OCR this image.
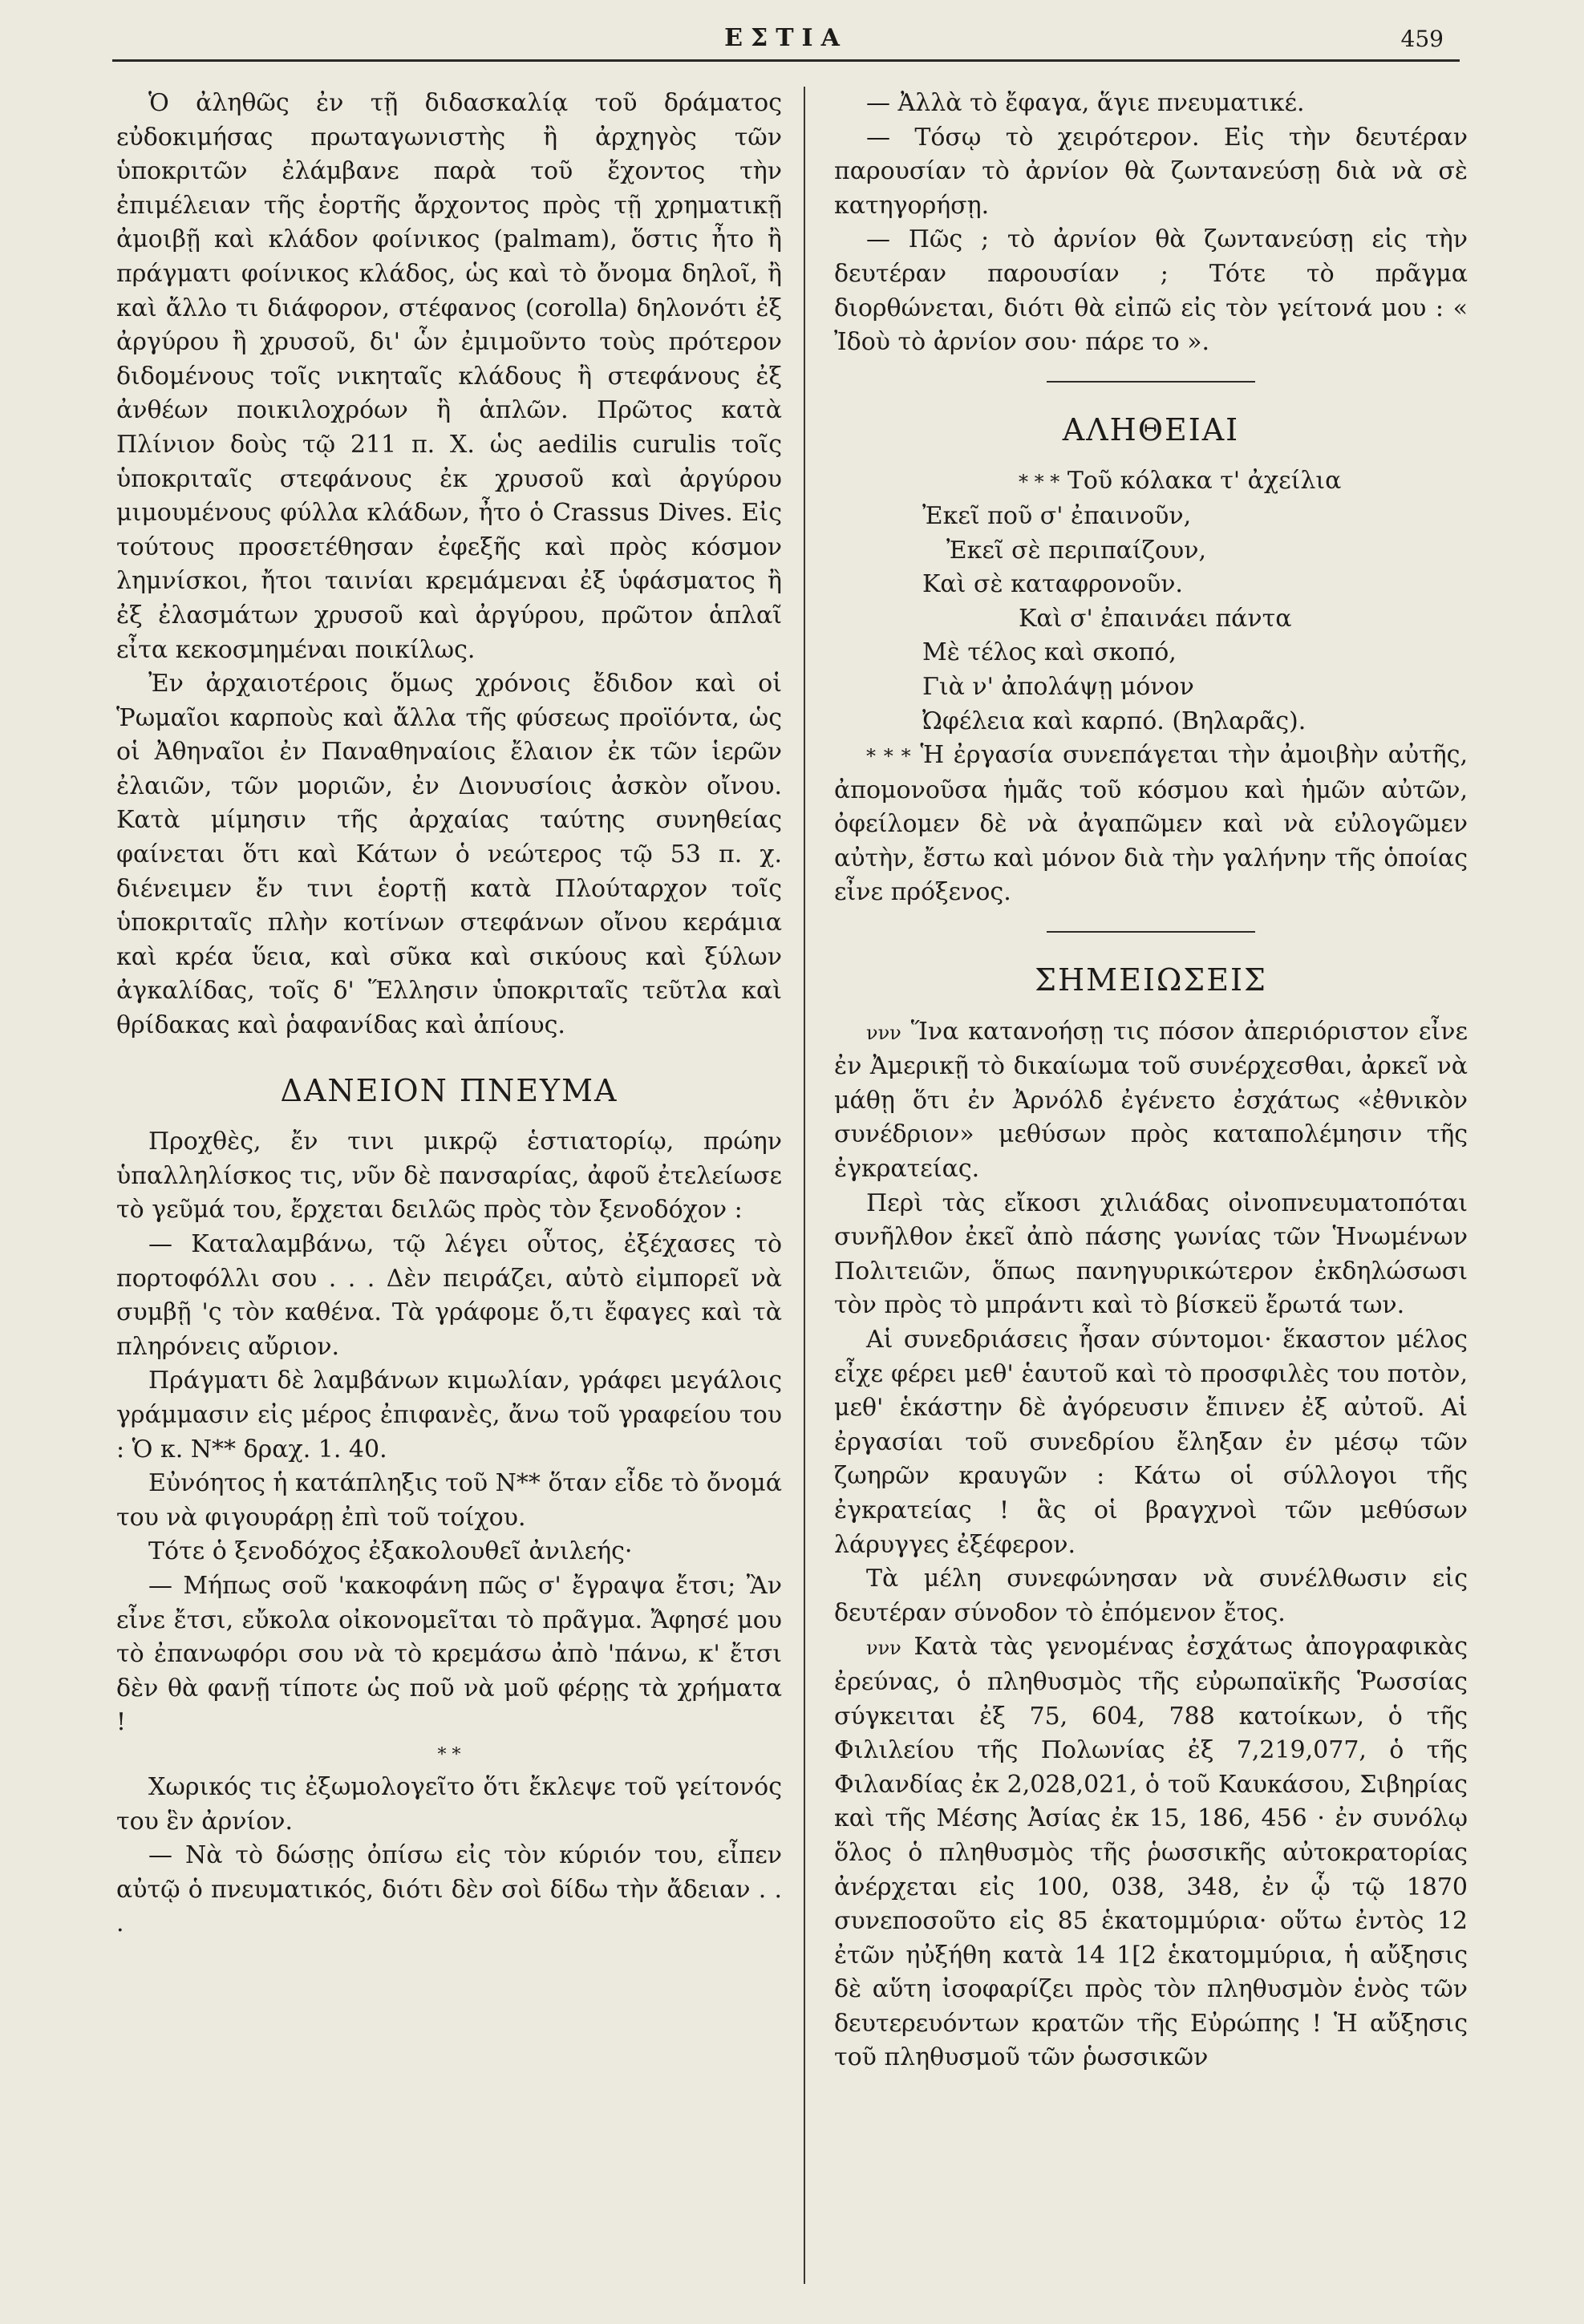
ΕΣΤΙΑ	459

Ὁ ἀληθῶς ἐν τῇ διδασκαλίᾳ τοῦ δράματος εὐδοκιμήσας πρωταγωνιστὴς ἢ ἀρχηγὸς τῶν ὑποκριτῶν ἐλάμβανε παρὰ τοῦ ἔχοντος τὴν ἐπιμέλειαν τῆς ἑορτῆς ἄρχοντος πρὸς τῇ χρηματικῇ ἀμοιβῇ καὶ κλάδον φοίνικος (palmam), ὅστις ἦτο ἢ πράγματι φοίνικος κλάδος, ὡς καὶ τὸ ὄνομα δηλοῖ, ἢ καὶ ἄλλο τι διάφορον, στέφανος (corolla) δηλονότι ἐξ ἀργύρου ἢ χρυσοῦ, δι' ὧν ἐμιμοῦντο τοὺς πρότερον διδομένους τοῖς νικηταῖς κλάδους ἢ στεφάνους ἐξ ἀνθέων ποικιλοχρόων ἢ ἁπλῶν. Πρῶτος κατὰ Πλίνιον δοὺς τῷ 211 π. Χ. ὡς aedilis curulis τοῖς ὑποκριταῖς στεφάνους ἐκ χρυσοῦ καὶ ἀργύρου μιμουμένους φύλλα κλάδων, ἦτο ὁ Crassus Dives. Εἰς τούτους προσετέθησαν ἐφεξῆς καὶ πρὸς κόσμον λημνίσκοι, ἤτοι ταινίαι κρεμάμεναι ἐξ ὑφάσματος ἢ ἐξ ἐλασμάτων χρυσοῦ καὶ ἀργύρου, πρῶτον ἁπλαῖ εἶτα κεκοσμημέναι ποικίλως.

Ἐν ἀρχαιοτέροις ὅμως χρόνοις ἔδιδον καὶ οἱ Ῥωμαῖοι καρποὺς καὶ ἄλλα τῆς φύσεως προϊόντα, ὡς οἱ Ἀθηναῖοι ἐν Παναθηναίοις ἔλαιον ἐκ τῶν ἱερῶν ἐλαιῶν, τῶν μοριῶν, ἐν Διονυσίοις ἀσκὸν οἴνου. Κατὰ μίμησιν τῆς ἀρχαίας ταύτης συνηθείας φαίνεται ὅτι καὶ Κάτων ὁ νεώτερος τῷ 53 π. χ. διένειμεν ἔν τινι ἑορτῇ κατὰ Πλούταρχον τοῖς ὑποκριταῖς πλὴν κοτίνων στεφάνων οἴνου κεράμια καὶ κρέα ὕεια, καὶ σῦκα καὶ σικύους καὶ ξύλων ἀγκαλίδας, τοῖς δ' Ἕλλησιν ὑποκριταῖς τεῦτλα καὶ θρίδακας καὶ ῥαφανίδας καὶ ἀπίους.

ΔΑΝΕΙΟΝ ΠΝΕΥΜΑ

Προχθὲς, ἔν τινι μικρῷ ἑστιατορίῳ, πρώην ὑπαλληλίσκος τις, νῦν δὲ πανσαρίας, ἀφοῦ ἐτελείωσε τὸ γεῦμά του, ἔρχεται δειλῶς πρὸς τὸν ξενοδόχον :

— Καταλαμβάνω, τῷ λέγει οὗτος, ἐξέχασες τὸ πορτοφόλλι σου . . . Δὲν πειράζει, αὐτὸ εἰμπορεῖ νὰ συμβῇ 'ς τὸν καθένα. Τὰ γράφομε ὅ,τι ἔφαγες καὶ τὰ πληρόνεις αὔριον.

Πράγματι δὲ λαμβάνων κιμωλίαν, γράφει μεγάλοις γράμμασιν εἰς μέρος ἐπιφανὲς, ἄνω τοῦ γραφείου του : Ὁ κ. N** δραχ. 1. 40.

Εὐνόητος ἡ κατάπληξις τοῦ N** ὅταν εἶδε τὸ ὄνομά του νὰ φιγουράρῃ ἐπὶ τοῦ τοίχου.

Τότε ὁ ξενοδόχος ἐξακολουθεῖ ἀνιλεής·

— Μήπως σοῦ 'κακοφάνη πῶς σ' ἔγραψα ἔτσι; Ἂν εἶνε ἔτσι, εὔκολα οἰκονομεῖται τὸ πρᾶγμα. Ἄφησέ μου τὸ ἐπανωφόρι σου νὰ τὸ κρεμάσω ἀπὸ 'πάνω, κ' ἔτσι δὲν θὰ φανῇ τίποτε ὡς ποῦ νὰ μοῦ φέρῃς τὰ χρήματα !

* *

Χωρικός τις ἐξωμολογεῖτο ὅτι ἔκλεψε τοῦ γείτονός του ἓν ἀρνίον.

— Νὰ τὸ δώσῃς ὀπίσω εἰς τὸν κύριόν του, εἶπεν αὐτῷ ὁ πνευματικός, διότι δὲν σοὶ δίδω τὴν ἄδειαν . . .

— Ἀλλὰ τὸ ἔφαγα, ἅγιε πνευματικέ.

— Τόσῳ τὸ χειρότερον. Εἰς τὴν δευτέραν παρουσίαν τὸ ἀρνίον θὰ ζωντανεύσῃ διὰ νὰ σὲ κατηγορήσῃ.

— Πῶς ; τὸ ἀρνίον θὰ ζωντανεύσῃ εἰς τὴν δευτέραν παρουσίαν ; Τότε τὸ πρᾶγμα διορθώνεται, διότι θὰ εἰπῶ εἰς τὸν γείτονά μου : « Ἰδοὺ τὸ ἀρνίον σου· πάρε το ».

ΑΛΗΘΕΙΑΙ

* * * Τοῦ κόλακα τ' ἀχείλια

Ἐκεῖ ποῦ σ' ἐπαινοῦν,

Ἐκεῖ σὲ περιπαίζουν,

Καὶ σὲ καταφρονοῦν.

Καὶ σ' ἐπαινάει πάντα

Μὲ τέλος καὶ σκοπό,

Γιὰ ν' ἀπολάψῃ μόνον

Ὠφέλεια καὶ καρπό. (Βηλαρᾶς).

* * * Ἡ ἐργασία συνεπάγεται τὴν ἀμοιβὴν αὐτῆς, ἀπομονοῦσα ἡμᾶς τοῦ κόσμου καὶ ἡμῶν αὐτῶν, ὀφείλομεν δὲ νὰ ἀγαπῶμεν καὶ νὰ εὐλογῶμεν αὐτὴν, ἔστω καὶ μόνον διὰ τὴν γαλήνην τῆς ὁποίας εἶνε πρόξενος.

ΣΗΜΕΙΩΣΕΙΣ

ννν Ἵνα κατανοήσῃ τις πόσον ἀπεριόριστον εἶνε ἐν Ἀμερικῇ τὸ δικαίωμα τοῦ συνέρχεσθαι, ἀρκεῖ νὰ μάθῃ ὅτι ἐν Ἀρνόλδ ἐγένετο ἐσχάτως «ἐθνικὸν συνέδριον» μεθύσων πρὸς καταπολέμησιν τῆς ἐγκρατείας.

Περὶ τὰς εἴκοσι χιλιάδας οἰνοπνευματοπόται συνῆλθον ἐκεῖ ἀπὸ πάσης γωνίας τῶν Ἡνωμένων Πολιτειῶν, ὅπως πανηγυρικώτερον ἐκδηλώσωσι τὸν πρὸς τὸ μπράντι καὶ τὸ βίσκεϋ ἔρωτά των.

Αἱ συνεδριάσεις ἦσαν σύντομοι· ἕκαστον μέλος εἶχε φέρει μεθ' ἑαυτοῦ καὶ τὸ προσφιλὲς του ποτὸν, μεθ' ἑκάστην δὲ ἀγόρευσιν ἔπινεν ἐξ αὐτοῦ. Αἱ ἐργασίαι τοῦ συνεδρίου ἔληξαν ἐν μέσῳ τῶν ζωηρῶν κραυγῶν : Κάτω οἱ σύλλογοι τῆς ἐγκρατείας ! ἃς οἱ βραγχνοὶ τῶν μεθύσων λάρυγγες ἐξέφερον.

Τὰ μέλη συνεφώνησαν νὰ συνέλθωσιν εἰς δευτέραν σύνοδον τὸ ἐπόμενον ἔτος.

ννν Κατὰ τὰς γενομένας ἐσχάτως ἀπογραφικὰς ἐρεύνας, ὁ πληθυσμὸς τῆς εὐρωπαϊκῆς Ῥωσσίας σύγκειται ἐξ 75, 604, 788 κατοίκων, ὁ τῆς Φιλιλείου τῆς Πολωνίας ἐξ 7,219,077, ὁ τῆς Φιλανδίας ἐκ 2,028,021, ὁ τοῦ Καυκάσου, Σιβηρίας καὶ τῆς Μέσης Ἀσίας ἐκ 15, 186, 456 · ἐν συνόλῳ ὅλος ὁ πληθυσμὸς τῆς ῥωσσικῆς αὐτοκρατορίας ἀνέρχεται εἰς 100, 038, 348, ἐν ᾧ τῷ 1870 συνεποσοῦτο εἰς 85 ἑκατομμύρια· οὕτω ἐντὸς 12 ἐτῶν ηὐξήθη κατὰ 14 1[2 ἑκατομμύρια, ἡ αὔξησις δὲ αὕτη ἰσοφαρίζει πρὸς τὸν πληθυσμὸν ἑνὸς τῶν δευτερευόντων κρατῶν τῆς Εὐρώπης ! Ἡ αὔξησις τοῦ πληθυσμοῦ τῶν ῥωσσικῶν
